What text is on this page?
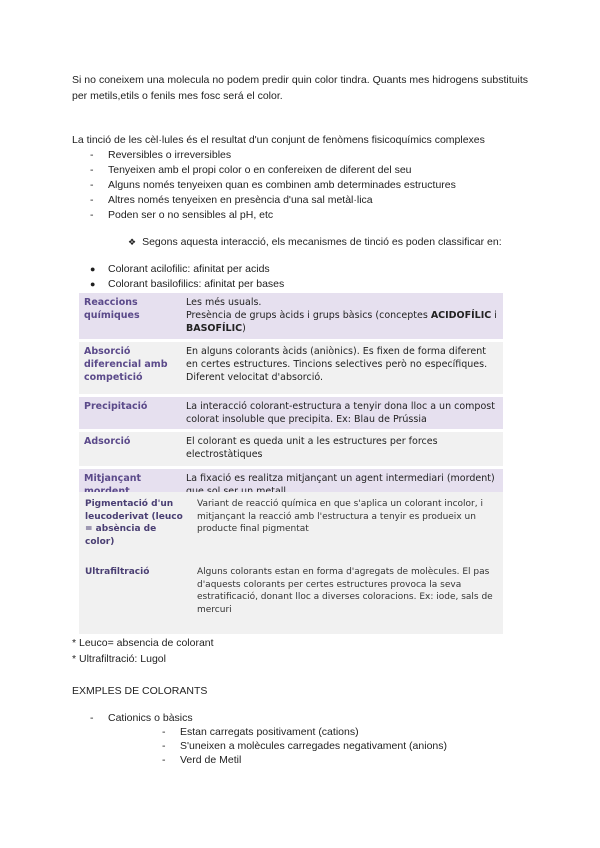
Si no coneixem una molecula no podem predir quin color tindra. Quants mes hidrogens substituits per metils,etils o fenils mes fosc será el color.

La tinció de les cèl·lules és el resultat d'un conjunt de fenòmens fisicoquímics complexes
- Reversibles o irreversibles
- Tenyeixen amb el propi color o en confereixen de diferent del seu
- Alguns només tenyeixen quan es combinen amb determinades estructures
- Altres només tenyeixen en presència d'una sal metàl·lica
- Poden ser o no sensibles al pH, etc
❖ Segons aquesta interacció, els mecanismes de tinció es poden classificar en:
● Colorant acilofilic: afinitat per acids
● Colorant basilofilics: afinitat per bases
Reaccions químiques	Les més usuals.
Presència de grups àcids i grups bàsics (conceptes ACIDOFÍLIC i BASOFÍLIC)
Absorció diferencial amb competició	En alguns colorants àcids (aniònics). Es fixen de forma diferent en certes estructures. Tincions selectives però no específiques. Diferent velocitat d'absorció.
Precipitació	La interacció colorant-estructura a tenyir dona lloc a un compost colorat insoluble que precipita. Ex: Blau de Prússia
Adsorció	El colorant es queda unit a les estructures per forces electrostàtiques
Mitjançant	La fixació es realitza mitjançant un agent intermediari (mordent)
Pigmentació d'un leucoderivat (leuco = absència de color)	Variant de reacció química en que s'aplica un colorant incolor, i mitjançant la reacció amb l'estructura a tenyir es produeix un producte final pigmentat
Ultrafiltració	Alguns colorants estan en forma d'agregats de molècules. El pas d'aquests colorants per certes estructures provoca la seva estratificació, donant lloc a diverses coloracions. Ex: iode, sals de mercuri
* Leuco= absencia de colorant
* Ultrafiltració: Lugol
EXMPLES DE COLORANTS
- Cationics o bàsics
- Estan carregats positivament (cations)
- S'uneixen a molècules carregades negativament (anions)
- Verd de Metil
